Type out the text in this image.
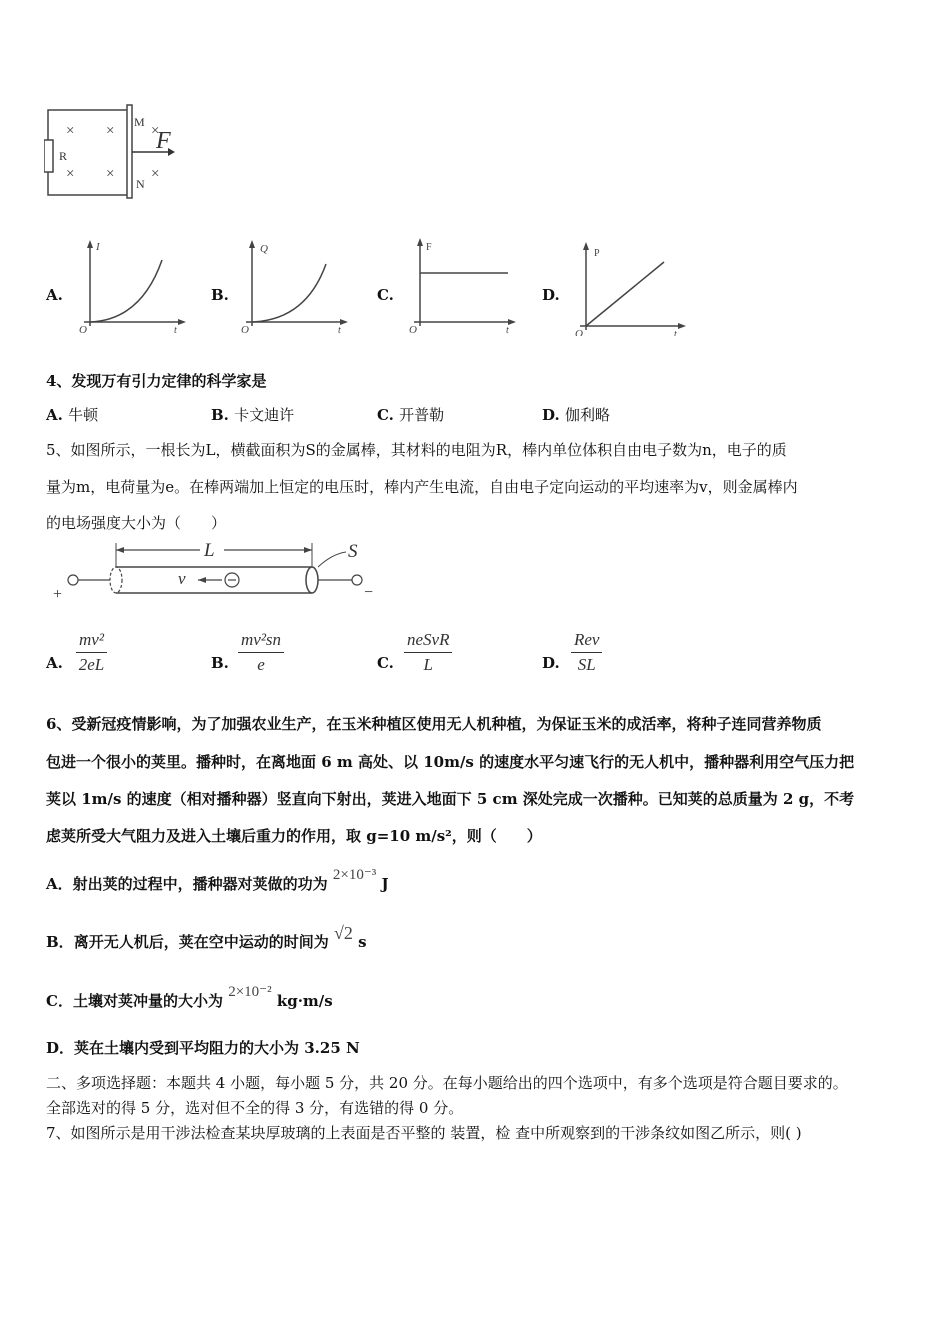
R
M
N
× × ×
× × ×
F
A.
I
t
O
B.
Q
t
O
C.
F
t
O
D.
P
t
O
4、发现万有引力定律的科学家是
A. 牛顿	B. 卡文迪许	C. 开普勒	D. 伽利略
5、如图所示，一根长为L，横截面积为S的金属棒，其材料的电阻为R，棒内单位体积自由电子数为n，电子的质
量为m，电荷量为e。在棒两端加上恒定的电压时，棒内产生电流，自由电子定向运动的平均速率为v，则金属棒内
的电场强度大小为（　　）
L
+	−
S
v
A. $\frac{\text{mv²}}{2eL}$	B. $\frac{\text{mv²sn}}{e}$	C.
neSvR
L	D.
Rev
SL
6、受新冠疫情影响，为了加强农业生产，在玉米种植区使用无人机种植，为保证玉米的成活率，将种子连同营养物质
包进一个很小的荚里。播种时，在离地面 6 m 高处、以 10m/s 的速度水平匀速飞行的无人机中，播种器利用空气压力把
荚以 1m/s 的速度（相对播种器）竖直向下射出，荚进入地面下 5 cm 深处完成一次播种。已知荚的总质量为 2 g，不考
虑荚所受大气阻力及进入土壤后重力的作用，取 g=10 m/s²，则（　　）
A．射出荚的过程中，播种器对荚做的功为 2×10⁻³ J
B．离开无人机后，荚在空中运动的时间为 √2 s
C．土壤对荚冲量的大小为 2×10⁻² kg·m/s
D．荚在土壤内受到平均阻力的大小为 3.25 N
二、多项选择题：本题共 4 小题，每小题 5 分，共 20 分。在每小题给出的四个选项中，有多个选项是符合题目要求的。
全部选对的得 5 分，选对但不全的得 3 分，有选错的得 0 分。
7、如图所示是用干涉法检查某块厚玻璃的上表面是否平整的 装置，检 查中所观察到的干涉条纹如图乙所示，则( )
